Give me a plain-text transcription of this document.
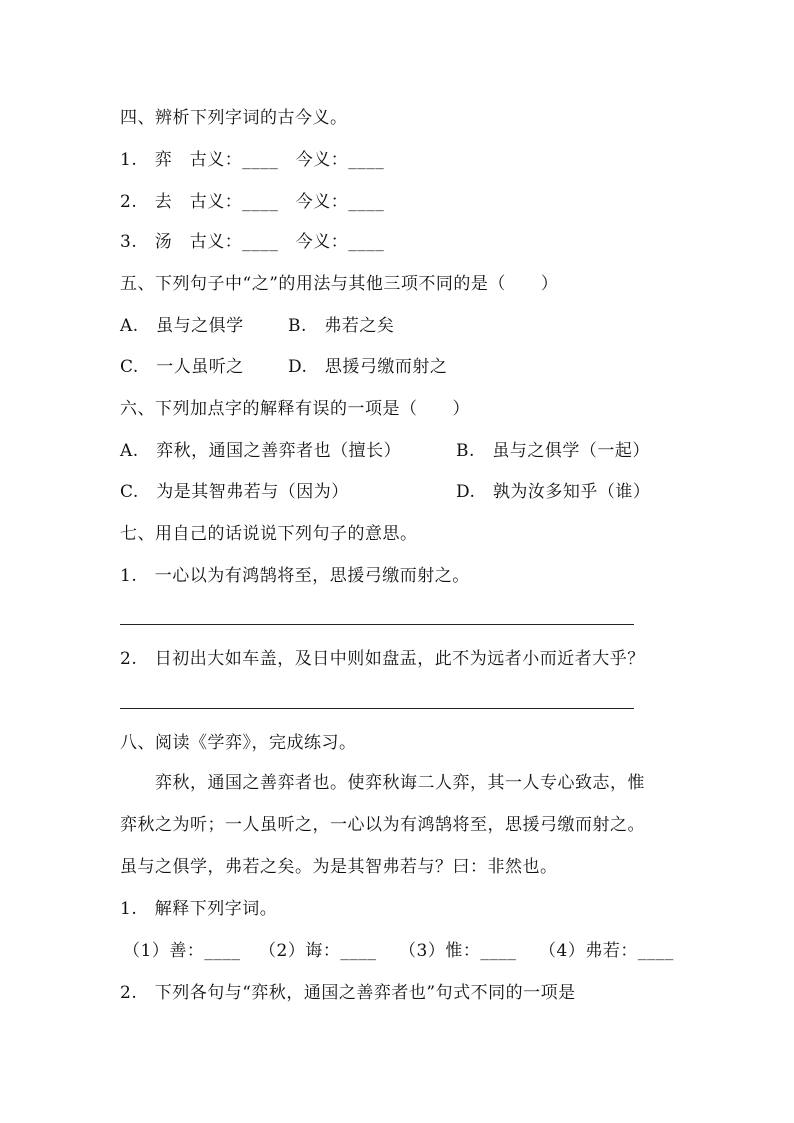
四、辨析下列字词的古今义。
1.　弈　古义：____　今义：____
2.　去　古义：____　今义：____
3.　汤　古义：____　今义：____
五、下列句子中“之”的用法与其他三项不同的是（　　）
A.　虽与之俱学	B.　弗若之矣
C.　一人虽听之	D.　思援弓缴而射之
六、下列加点字的解释有误的一项是（　　）
A.　弈秋，通国之善弈者也（擅长）	B.　虽与之俱学（一起）
C.　为是其智弗若与（因为）	D.　孰为汝多知乎（谁）
七、用自己的话说说下列句子的意思。
1.　一心以为有鸿鹄将至，思援弓缴而射之。
2.　日初出大如车盖，及日中则如盘盂，此不为远者小而近者大乎？
八、阅读《学弈》，完成练习。
弈秋，通国之善弈者也。使弈秋诲二人弈，其一人专心致志，惟
弈秋之为听；一人虽听之，一心以为有鸿鹄将至，思援弓缴而射之。
虽与之俱学，弗若之矣。为是其智弗若与？曰：非然也。
1.　解释下列字词。
（1）善：____ （2）诲：____ （3）惟：____ （4）弗若：____
2.　下列各句与“弈秋，通国之善弈者也”句式不同的一项是
